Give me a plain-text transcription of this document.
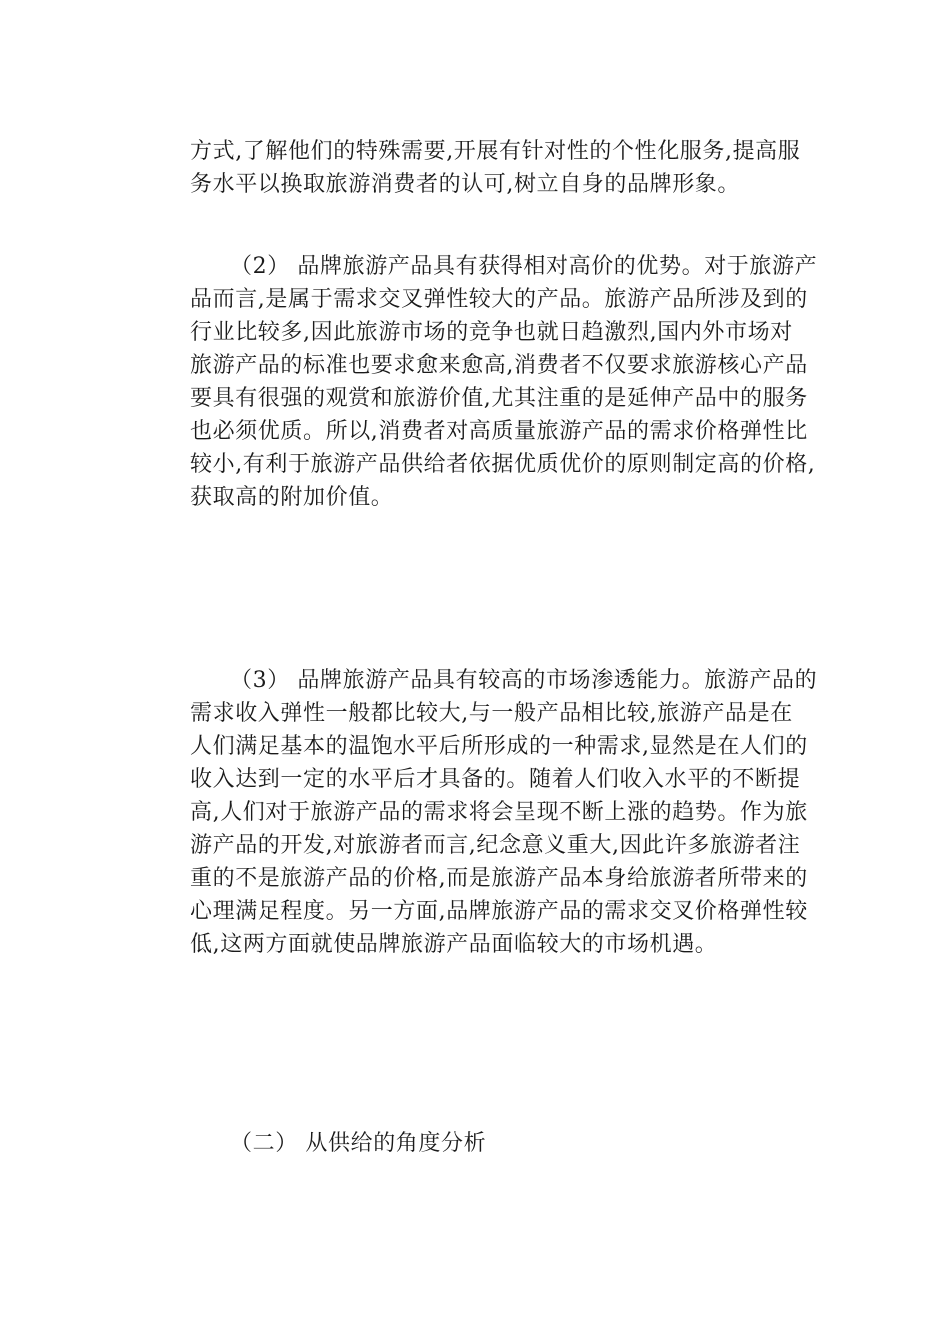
方式,了解他们的特殊需要,开展有针对性的个性化服务,提高服
务水平以换取旅游消费者的认可,树立自身的品牌形象。
（2） 品牌旅游产品具有获得相对高价的优势。对于旅游产
品而言,是属于需求交叉弹性较大的产品。旅游产品所涉及到的
行业比较多,因此旅游市场的竞争也就日趋激烈,国内外市场对
旅游产品的标准也要求愈来愈高,消费者不仅要求旅游核心产品
要具有很强的观赏和旅游价值,尤其注重的是延伸产品中的服务
也必须优质。所以,消费者对高质量旅游产品的需求价格弹性比
较小,有利于旅游产品供给者依据优质优价的原则制定高的价格,
获取高的附加价值。
（3） 品牌旅游产品具有较高的市场渗透能力。旅游产品的
需求收入弹性一般都比较大,与一般产品相比较,旅游产品是在
人们满足基本的温饱水平后所形成的一种需求,显然是在人们的
收入达到一定的水平后才具备的。随着人们收入水平的不断提
高,人们对于旅游产品的需求将会呈现不断上涨的趋势。作为旅
游产品的开发,对旅游者而言,纪念意义重大,因此许多旅游者注
重的不是旅游产品的价格,而是旅游产品本身给旅游者所带来的
心理满足程度。另一方面,品牌旅游产品的需求交叉价格弹性较
低,这两方面就使品牌旅游产品面临较大的市场机遇。
（二） 从供给的角度分析
